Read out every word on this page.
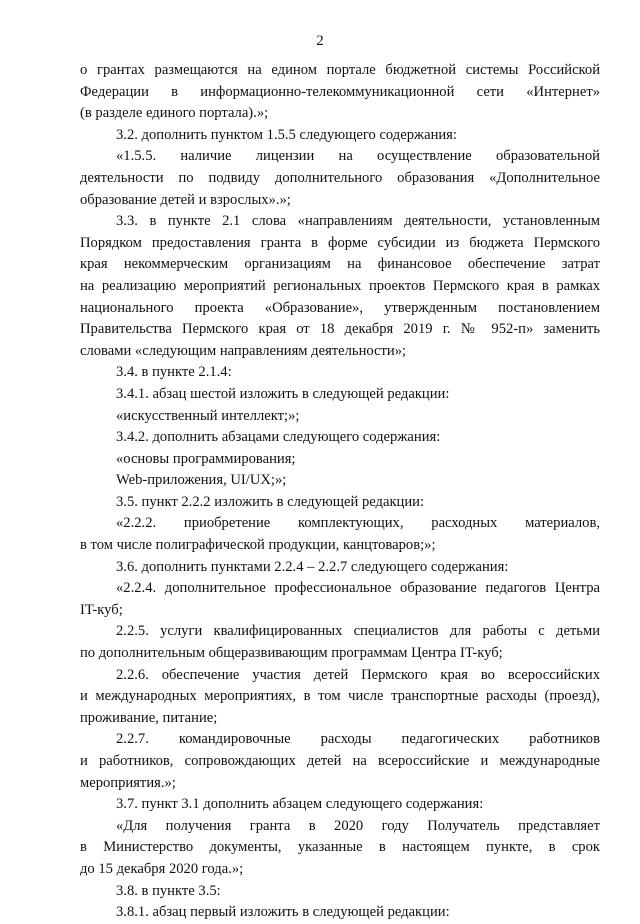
2
о грантах размещаются на едином портале бюджетной системы Российской
Федерации в информационно-телекоммуникационной сети «Интернет»
(в разделе единого портала).»;
3.2. дополнить пунктом 1.5.5 следующего содержания:
«1.5.5. наличие лицензии на осуществление образовательной
деятельности по подвиду дополнительного образования «Дополнительное
образование детей и взрослых».»;
3.3. в пункте 2.1 слова «направлениям деятельности, установленным
Порядком предоставления гранта в форме субсидии из бюджета Пермского
края некоммерческим организациям на финансовое обеспечение затрат
на реализацию мероприятий региональных проектов Пермского края в рамках
национального проекта «Образование», утвержденным постановлением
Правительства Пермского края от 18 декабря 2019 г. № 952-п» заменить
словами «следующим направлениям деятельности»;
3.4. в пункте 2.1.4:
3.4.1. абзац шестой изложить в следующей редакции:
«искусственный интеллект;»;
3.4.2. дополнить абзацами следующего содержания:
«основы программирования;
Web-приложения, UI/UX;»;
3.5. пункт 2.2.2 изложить в следующей редакции:
«2.2.2. приобретение комплектующих, расходных материалов,
в том числе полиграфической продукции, канцтоваров;»;
3.6. дополнить пунктами 2.2.4 – 2.2.7 следующего содержания:
«2.2.4. дополнительное профессиональное образование педагогов Центра
IT-куб;
2.2.5. услуги квалифицированных специалистов для работы с детьми
по дополнительным общеразвивающим программам Центра IT-куб;
2.2.6. обеспечение участия детей Пермского края во всероссийских
и международных мероприятиях, в том числе транспортные расходы (проезд),
проживание, питание;
2.2.7. командировочные расходы педагогических работников
и работников, сопровождающих детей на всероссийские и международные
мероприятия.»;
3.7. пункт 3.1 дополнить абзацем следующего содержания:
«Для получения гранта в 2020 году Получатель представляет
в Министерство документы, указанные в настоящем пункте, в срок
до 15 декабря 2020 года.»;
3.8. в пункте 3.5:
3.8.1. абзац первый изложить в следующей редакции:
